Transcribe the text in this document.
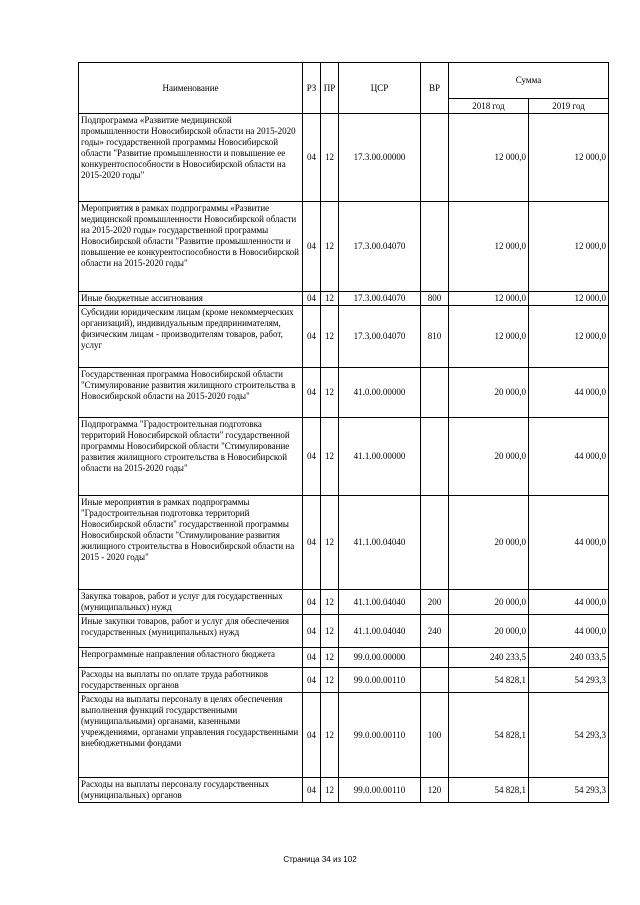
Наименование	РЗ	ПР	ЦСР	ВР	Сумма	
					2018 год	2019 год
Подпрограмма «Развитие медицинской промышленности Новосибирской области на 2015-2020 годы» государственной программы Новосибирской области "Развитие промышленности и повышение ее конкурентоспособности в Новосибирской области на 2015-2020 годы"	04	12	17.3.00.00000		12 000,0	12 000,0
Мероприятия в рамках подпрограммы «Развитие медицинской промышленности Новосибирской области на 2015-2020 годы» государственной программы Новосибирской области "Развитие промышленности и повышение ее конкурентоспособности в Новосибирской области на 2015-2020 годы"	04	12	17.3.00.04070		12 000,0	12 000,0
Иные бюджетные ассигнования	04	12	17.3.00.04070	800	12 000,0	12 000,0
Субсидии юридическим лицам (кроме некоммерческих организаций), индивидуальным предпринимателям, физическим лицам - производителям товаров, работ, услуг	04	12	17.3.00.04070	810	12 000,0	12 000,0
Государственная программа Новосибирской области "Стимулирование развития жилищного строительства в Новосибирской области на 2015-2020 годы"	04	12	41.0.00.00000		20 000,0	44 000,0
Подпрограмма "Градостроительная подготовка территорий Новосибирской области" государственной программы Новосибирской области "Стимулирование развития жилищного строительства в Новосибирской области на 2015-2020 годы"	04	12	41.1.00.00000		20 000,0	44 000,0
Иные мероприятия в рамках подпрограммы "Градостроительная подготовка территорий Новосибирской области" государственной программы Новосибирской области "Стимулирование развития жилищного строительства в Новосибирской области на 2015 - 2020 годы"	04	12	41.1.00.04040		20 000,0	44 000,0
Закупка товаров, работ и услуг для государственных (муниципальных) нужд	04	12	41.1.00.04040	200	20 000,0	44 000,0
Иные закупки товаров, работ и услуг для обеспечения государственных (муниципальных) нужд	04	12	41.1.00.04040	240	20 000,0	44 000,0
Непрограммные направления областного бюджета	04	12	99.0.00.00000		240 233,5	240 033,5
Расходы на выплаты по оплате труда работников государственных органов	04	12	99.0.00.00110		54 828,1	54 293,3
Расходы на выплаты персоналу в целях обеспечения выполнения функций государственными (муниципальными) органами, казенными учреждениями, органами управления государственными внебюджетными фондами	04	12	99.0.00.00110	100	54 828,1	54 293,3
Расходы на выплаты персоналу государственных (муниципальных) органов	04	12	99.0.00.00110	120	54 828,1	54 293,3
Страница 34 из 102
